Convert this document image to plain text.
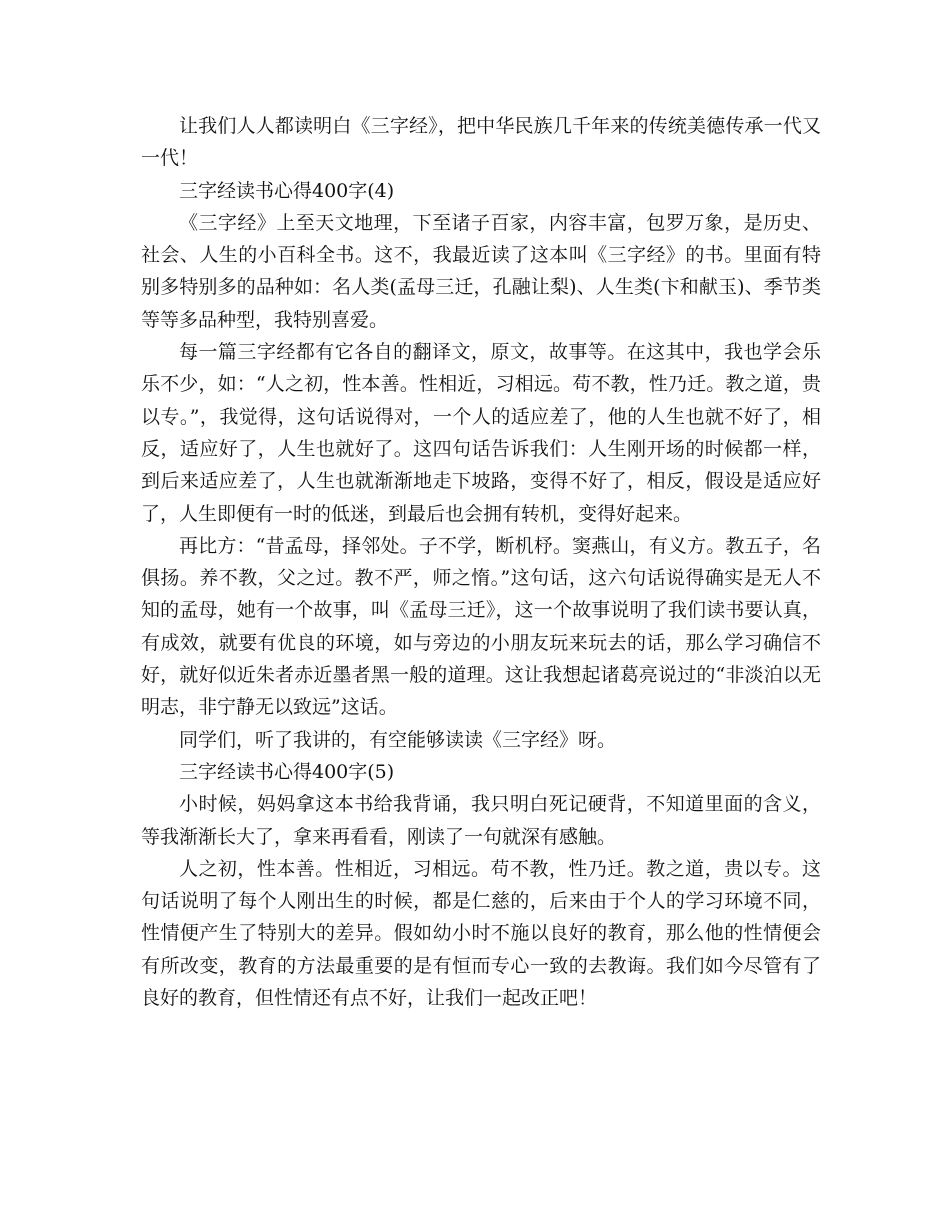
让我们人人都读明白《三字经》，把中华民族几千年来的传统美德传承一代又一代！

三字经读书心得400字(4)

《三字经》上至天文地理，下至诸子百家，内容丰富，包罗万象，是历史、社会、人生的小百科全书。这不，我最近读了这本叫《三字经》的书。里面有特别多特别多的品种如：名人类(孟母三迁，孔融让梨)、人生类(卞和献玉)、季节类等等多品种型，我特别喜爱。

每一篇三字经都有它各自的翻译文，原文，故事等。在这其中，我也学会乐乐不少，如：“人之初，性本善。性相近，习相远。苟不教，性乃迁。教之道，贵以专。”，我觉得，这句话说得对，一个人的适应差了，他的人生也就不好了，相反，适应好了，人生也就好了。这四句话告诉我们：人生刚开场的时候都一样，到后来适应差了，人生也就渐渐地走下坡路，变得不好了，相反，假设是适应好了，人生即便有一时的低迷，到最后也会拥有转机，变得好起来。

再比方：“昔孟母，择邻处。子不学，断机杼。窦燕山，有义方。教五子，名俱扬。养不教，父之过。教不严，师之惰。”这句话，这六句话说得确实是无人不知的孟母，她有一个故事，叫《孟母三迁》，这一个故事说明了我们读书要认真，有成效，就要有优良的环境，如与旁边的小朋友玩来玩去的话，那么学习确信不好，就好似近朱者赤近墨者黑一般的道理。这让我想起诸葛亮说过的“非淡泊以无明志，非宁静无以致远”这话。

同学们，听了我讲的，有空能够读读《三字经》呀。

三字经读书心得400字(5)

小时候，妈妈拿这本书给我背诵，我只明白死记硬背，不知道里面的含义，等我渐渐长大了，拿来再看看，刚读了一句就深有感触。

人之初，性本善。性相近，习相远。苟不教，性乃迁。教之道，贵以专。这句话说明了每个人刚出生的时候，都是仁慈的，后来由于个人的学习环境不同，性情便产生了特别大的差异。假如幼小时不施以良好的教育，那么他的性情便会有所改变，教育的方法最重要的是有恒而专心一致的去教诲。我们如今尽管有了良好的教育，但性情还有点不好，让我们一起改正吧！
